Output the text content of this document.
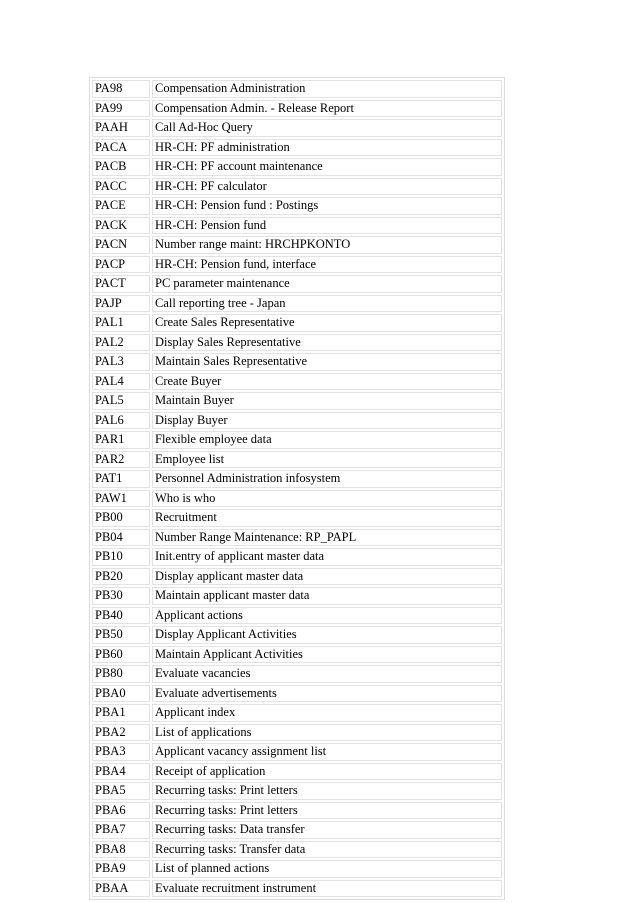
PA98	Compensation Administration
PA99	Compensation Admin. - Release Report
PAAH	Call Ad-Hoc Query
PACA	HR-CH: PF administration
PACB	HR-CH: PF account maintenance
PACC	HR-CH: PF calculator
PACE	HR-CH: Pension fund : Postings
PACK	HR-CH: Pension fund
PACN	Number range maint: HRCHPKONTO
PACP	HR-CH: Pension fund, interface
PACT	PC parameter maintenance
PAJP	Call reporting tree - Japan
PAL1	Create Sales Representative
PAL2	Display Sales Representative
PAL3	Maintain Sales Representative
PAL4	Create Buyer
PAL5	Maintain Buyer
PAL6	Display Buyer
PAR1	Flexible employee data
PAR2	Employee list
PAT1	Personnel Administration infosystem
PAW1	Who is who
PB00	Recruitment
PB04	Number Range Maintenance: RP_PAPL
PB10	Init.entry of applicant master data
PB20	Display applicant master data
PB30	Maintain applicant master data
PB40	Applicant actions
PB50	Display Applicant Activities
PB60	Maintain Applicant Activities
PB80	Evaluate vacancies
PBA0	Evaluate advertisements
PBA1	Applicant index
PBA2	List of applications
PBA3	Applicant vacancy assignment list
PBA4	Receipt of application
PBA5	Recurring tasks: Print letters
PBA6	Recurring tasks: Print letters
PBA7	Recurring tasks: Data transfer
PBA8	Recurring tasks: Transfer data
PBA9	List of planned actions
PBAA	Evaluate recruitment instrument
